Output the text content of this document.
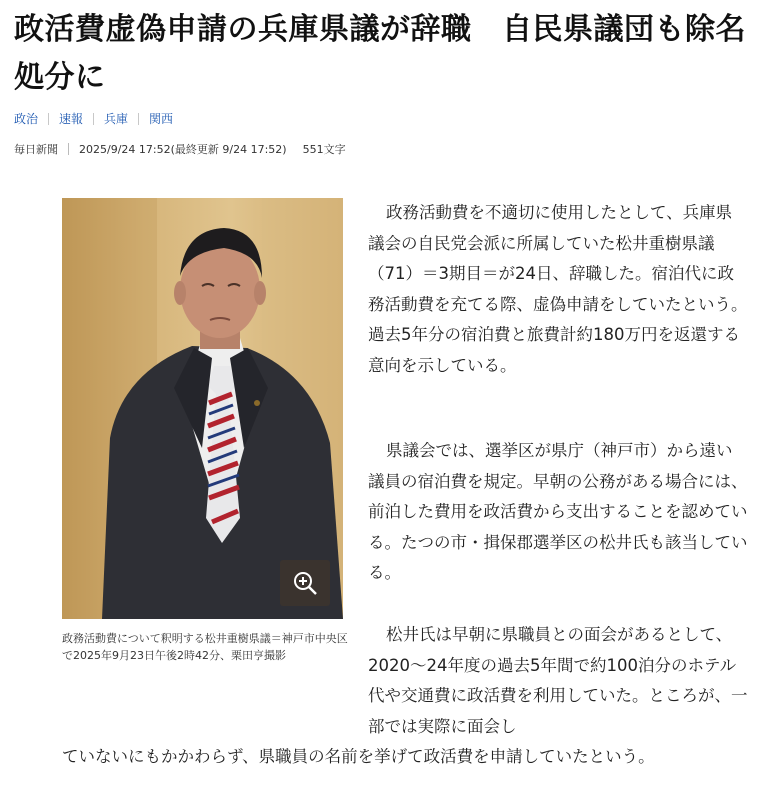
政活費虚偽申請の兵庫県議が辞職　自民県議団も除名処分に
政治 速報 兵庫 関西
毎日新聞 2025/9/24 17:52 (最終更新 9/24 17:52) 551文字

政務活動費について釈明する松井重樹県議＝神戸市中央区で2025年9月23日午後2時42分、栗田亨撮影

政務活動費を不適切に使用したとして、兵庫県議会の自民党会派に所属していた松井重樹県議（71）＝3期目＝が24日、辞職した。宿泊代に政務活動費を充てる際、虚偽申請をしていたという。過去5年分の宿泊費と旅費計約180万円を返還する意向を示している。

県議会では、選挙区が県庁（神戸市）から遠い議員の宿泊費を規定。早朝の公務がある場合には、前泊した費用を政活費から支出することを認めている。たつの市・揖保郡選挙区の松井氏も該当している。

松井氏は早朝に県職員との面会があるとして、2020～24年度の過去5年間で約100泊分のホテル代や交通費に政活費を利用していた。ところが、一部では実際に面会し

ていないにもかかわらず、県職員の名前を挙げて政活費を申請していたという。
